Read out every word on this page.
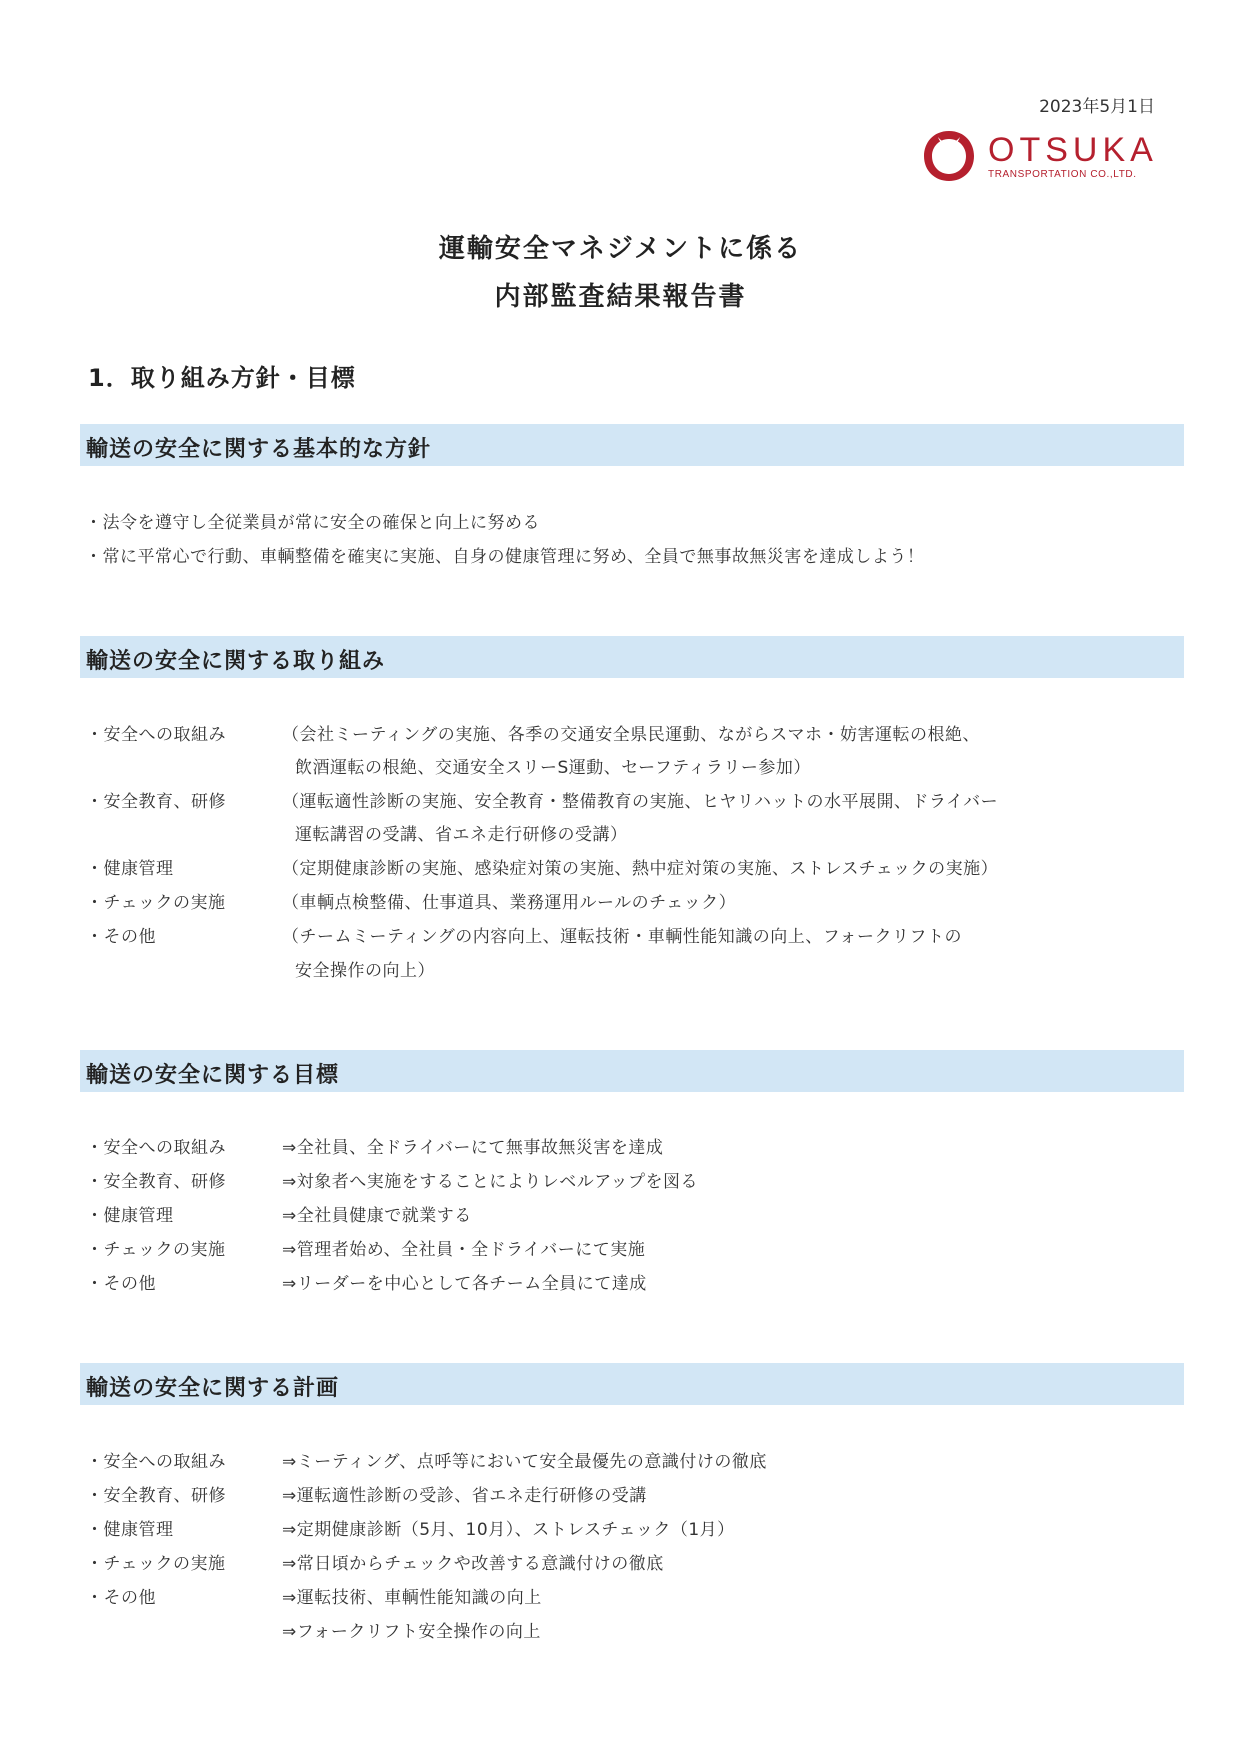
2023年5月1日
OTSUKA
TRANSPORTATION CO.,LTD.
運輸安全マネジメントに係る
内部監査結果報告書
1．取り組み方針・目標
輸送の安全に関する基本的な方針
・法令を遵守し全従業員が常に安全の確保と向上に努める
・常に平常心で行動、車輌整備を確実に実施、自身の健康管理に努め、全員で無事故無災害を達成しよう！
輸送の安全に関する取り組み
・安全への取組み	（会社ミーティングの実施、各季の交通安全県民運動、ながらスマホ・妨害運転の根絶、
飲酒運転の根絶、交通安全スリーS運動、セーフティラリー参加）
・安全教育、研修	（運転適性診断の実施、安全教育・整備教育の実施、ヒヤリハットの水平展開、ドライバー
運転講習の受講、省エネ走行研修の受講）
・健康管理	（定期健康診断の実施、感染症対策の実施、熱中症対策の実施、ストレスチェックの実施）
・チェックの実施	（車輌点検整備、仕事道具、業務運用ルールのチェック）
・その他	（チームミーティングの内容向上、運転技術・車輌性能知識の向上、フォークリフトの
安全操作の向上）
輸送の安全に関する目標
・安全への取組み	⇒全社員、全ドライバーにて無事故無災害を達成
・安全教育、研修	⇒対象者へ実施をすることによりレベルアップを図る
・健康管理	⇒全社員健康で就業する
・チェックの実施	⇒管理者始め、全社員・全ドライバーにて実施
・その他	⇒リーダーを中心として各チーム全員にて達成
輸送の安全に関する計画
・安全への取組み	⇒ミーティング、点呼等において安全最優先の意識付けの徹底
・安全教育、研修	⇒運転適性診断の受診、省エネ走行研修の受講
・健康管理	⇒定期健康診断（5月、10月）、ストレスチェック（1月）
・チェックの実施	⇒常日頃からチェックや改善する意識付けの徹底
・その他	⇒運転技術、車輌性能知識の向上
⇒フォークリフト安全操作の向上
